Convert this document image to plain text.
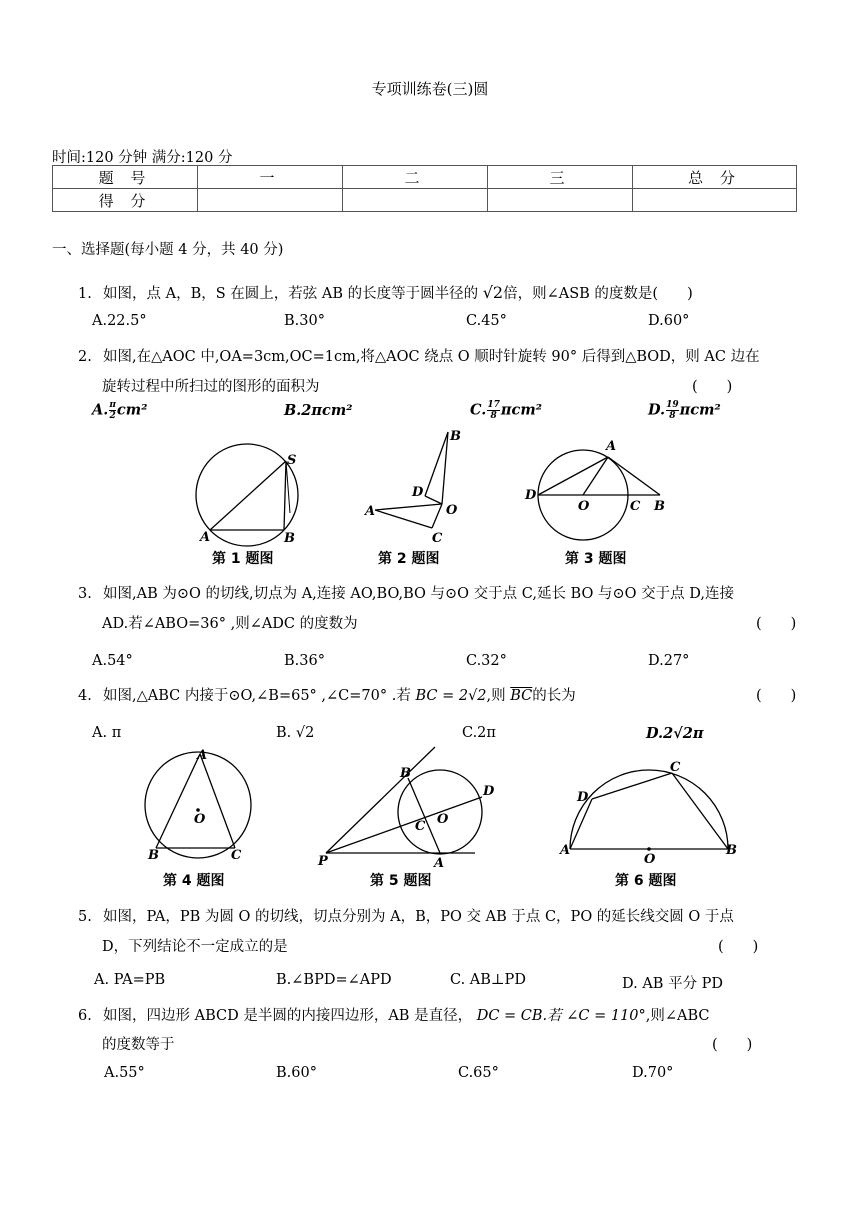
专项训练卷(三)圆
时间:120 分钟 满分:120 分
题 号	一	二	三	总 分
得 分				
一、选择题(每小题 4 分，共 40 分)
1. 如图，点 A，B，S 在圆上，若弦 AB 的长度等于圆半径的 √2倍，则∠ASB 的度数是(　　)
A.22.5°	B.30°	C.45°	D.60°
2. 如图,在△AOC 中,OA=3cm,OC=1cm,将△AOC 绕点 O 顺时针旋转 90° 后得到△BOD，则 AC 边在
旋转过程中所扫过的图形的面积为	(　　)
A. $\frac{\pi}{2} cm^2$	B.2πcm²	C. $\frac{17}{8} \pi cm^2$	D. $\frac{19}{8} \pi cm^2$
S
A	B
B
D
A	O
C
A
D
O	C B
第 1 题图	第 2 题图	第 3 题图
3. 如图,AB 为⊙O 的切线,切点为 A,连接 AO,BO,BO 与⊙O 交于点 C,延长 BO 与⊙O 交于点 D,连接
AD.若∠ABO=36° ,则∠ADC 的度数为	(　　)
A.54°	B.36°	C.32°	D.27°
4. 如图,△ABC 内接于⊙O,∠B=65° ,∠C=70° .若 BC = 2√2,则 $\overline{BC}$的长为	(　　)
A. π	B. √2	C.2π	D.2√2π
A
O
B	C
B
D
C O
P	A
C
D
A
O
B
第 4 题图	第 5 题图	第 6 题图
5. 如图，PA，PB 为圆 O 的切线，切点分别为 A，B，PO 交 AB 于点 C，PO 的延长线交圆 O 于点
D，下列结论不一定成立的是	(　　)
A. PA=PB	B.∠BPD=∠APD	C. AB⊥PD	D. AB 平分 PD
6. 如图，四边形 ABCD 是半圆的内接四边形，AB 是直径， DC = CB.若 ∠C = 110°,则∠ABC
的度数等于	(　　)
A.55°	B.60°	C.65°	D.70°
